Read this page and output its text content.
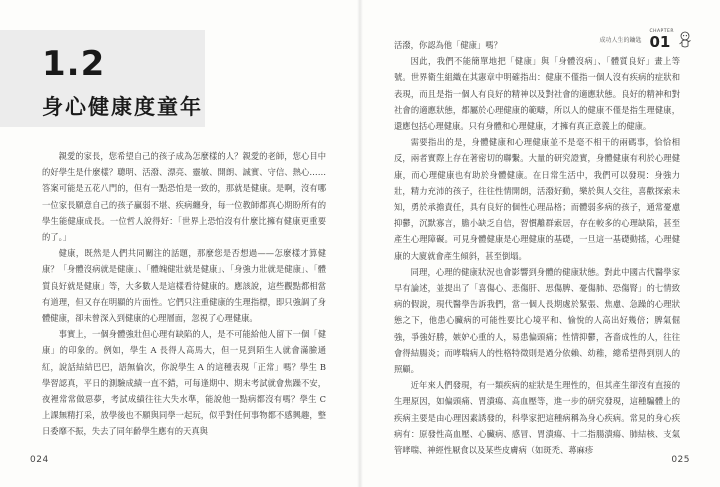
1.2
身心健康度童年

親愛的家長，您希望自己的孩子成為怎麼樣的人？親愛的老師，您心目中的好學生是什麼樣？聰明、活潑、漂亮、靈敏、開朗、誠實、守信、熱心……答案可能是五花八門的，但有一點恐怕是一致的，那就是健康。是啊，沒有哪一位家長願意自己的孩子贏弱不堪、疾病纏身，每一位教師都真心期盼所有的學生能健康成長。一位哲人說得好：「世界上恐怕沒有什麼比擁有健康更重要的了。」

健康，既然是人們共同關注的話題，那麼您是否想過——怎麼樣才算健康？「身體沒病就是健康」、「體魄健壯就是健康」、「身強力壯就是健康」、「體質良好就是健康」等，大多數人是這樣看待健康的。應該說，這些觀點都相當有道理，但又存在明顯的片面性。它們只注重健康的生理指標，即只強調了身體健康，卻未曾深入到健康的心理層面，忽視了心理健康。

事實上，一個身體強壯但心理有缺陷的人，是不可能給他人留下一個「健康」的印象的。例如，學生 A 長得人高馬大，但一見到陌生人就會滿臉通紅，說話結結巴巴，語無倫次，你說學生 A 的這種表現「正常」嗎？學生 B 學習認真，平日的測驗成績一直不錯，可每逢期中、期末考試就會焦躁不安，夜裡常常做惡夢，考試成績往往大失水準，能說他一點病都沒有嗎？學生 C 上課無精打采，放學後也不願與同學一起玩，似乎對任何事物都不感興趣，整日委靡不振，失去了同年齡學生應有的天真與

024
成功人生的鑰匙
CHAPTER
01

活潑，你認為他「健康」嗎？

因此，我們不能簡單地把「健康」與「身體沒病」、「體質良好」畫上等號。世界衛生組織在其憲章中明確指出：健康不僅指一個人沒有疾病的症狀和表現，而且是指一個人有良好的精神以及對社會的適應狀態。良好的精神和對社會的適應狀態，都屬於心理健康的範疇，所以人的健康不僅是指生理健康，還應包括心理健康。只有身體和心理健康，才擁有真正意義上的健康。

需要指出的是，身體健康和心理健康並不是毫不相干的兩碼事，恰恰相反，兩者實際上存在著密切的聯繫。大量的研究證實，身體健康有利於心理健康，而心理健康也有助於身體健康。在日常生活中，我們可以發現：身強力壯，精力充沛的孩子，往往性情開朗，活潑好動，樂於與人交往，喜歡探索未知，勇於承擔責任，具有良好的個性心理品格；而體弱多病的孩子，通常憂慮抑鬱，沉默寡言，膽小缺乏自信，習慣離群索居，存在較多的心理缺陷，甚至產生心理障礙。可見身體健康是心理健康的基礎，一旦這一基礎動搖，心理健康的大廈就會產生傾斜，甚至倒塌。

同理，心理的健康狀況也會影響到身體的健康狀態。對此中國古代醫學家早有論述，並提出了「喜傷心、悲傷肝、思傷脾、憂傷肺、恐傷腎」的七情致病的假說，現代醫學告訴我們，當一個人長期處於緊張、焦慮、急躁的心理狀態之下，他患心臟病的可能性要比心境平和、愉悅的人高出好幾倍；脾氣倔強，爭強好勝，嫉妒心重的人，易患偏頭痛；性情抑鬱，吝嗇成性的人，往往會得結腸炎；而哮喘病人的性格特徵則是過分依賴、幼稚，總希望得到別人的照顧。

近年來人們發現，有一類疾病的症狀是生理性的，但其產生卻沒有直接的生理原因，如偏頭痛、胃潰瘍、高血壓等，進一步的研究發現，這種騙體上的疾病主要是由心理因素誘發的，科學家把這種病稱為身心疾病。常見的身心疾病有：原發性高血壓、心臟病、感冒、胃潰瘍、十二指腸潰瘍、肺結核、支氣管哮喘、神經性厭食以及某些皮膚病（如斑禿、蕁麻疹

025
